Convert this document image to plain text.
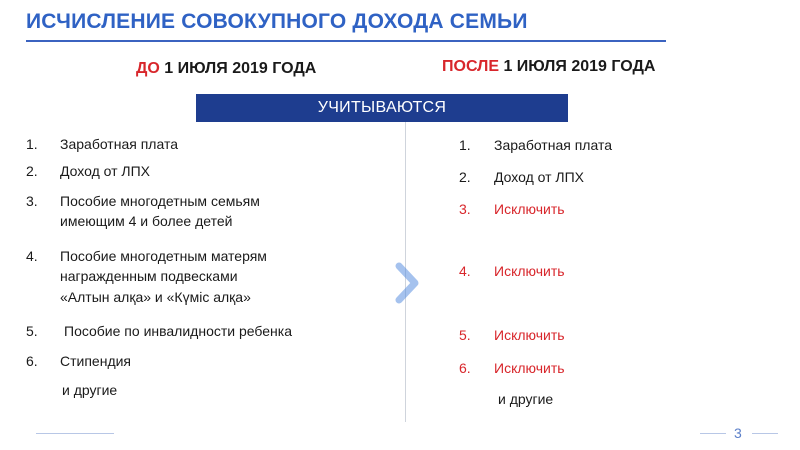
ИСЧИСЛЕНИЕ СОВОКУПНОГО ДОХОДА СЕМЬИ
ДО 1 ИЮЛЯ 2019 ГОДА	ПОСЛЕ 1 ИЮЛЯ 2019 ГОДА
УЧИТЫВАЮТСЯ
1. Заработная плата
2. Доход от ЛПХ
3. Пособие многодетным семьям
имеющим 4 и более детей
4. Пособие многодетным матерям
награжденным подвесками
«Алтын алқа» и «Күміс алқа»
5. Пособие по инвалидности ребенка
6. Стипендия
и другие
1. Заработная плата
2. Доход от ЛПХ
3. Исключить
4. Исключить
5. Исключить
6. Исключить
и другие
3
